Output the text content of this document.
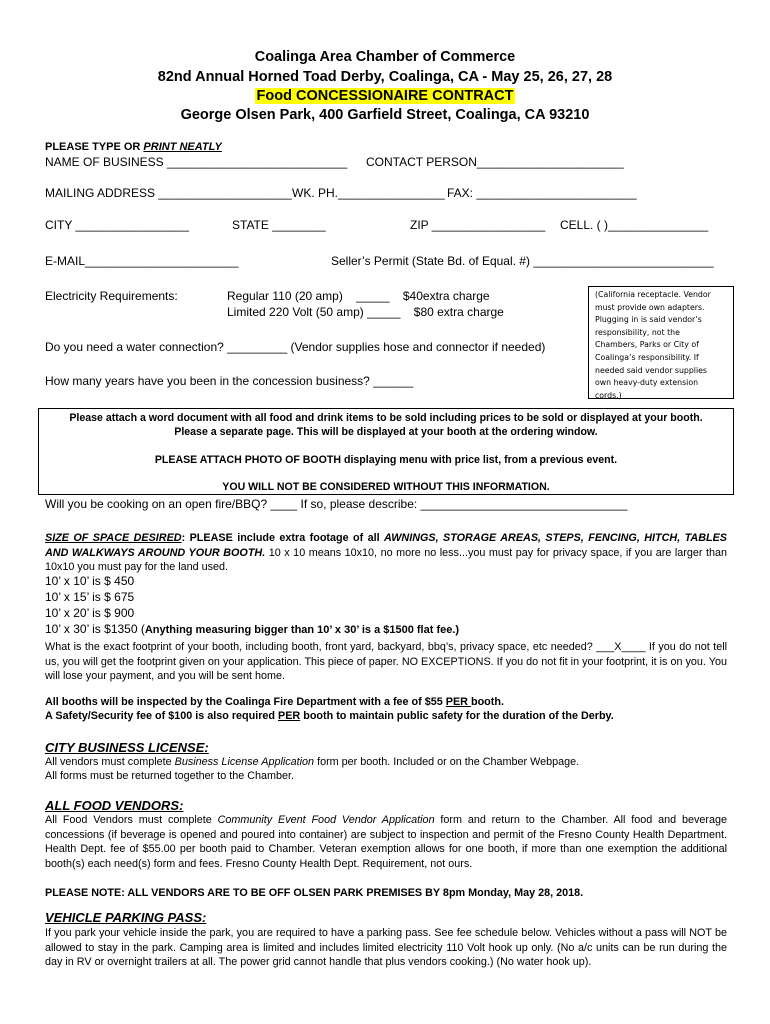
Coalinga Area Chamber of Commerce
82nd Annual Horned Toad Derby, Coalinga, CA - May 25, 26, 27, 28
Food CONCESSIONAIRE CONTRACT
George Olsen Park, 400 Garfield Street, Coalinga, CA 93210
PLEASE TYPE OR PRINT NEATLY
NAME OF BUSINESS ___________________________ CONTACT PERSON______________________
MAILING ADDRESS ____________________ WK. PH.________________ FAX: ________________________
CITY _________________	STATE ________	ZIP _________________ CELL. ( )_______________
E-MAIL_______________________	Seller’s Permit (State Bd. of Equal. #) ___________________________
Electricity Requirements:	Regular 110 (20 amp)    _____    $40extra charge
Limited 220 Volt (50 amp) _____    $80 extra charge
(California receptacle. Vendor
must provide own adapters.
Plugging in is said vendor’s
responsibility, not the
Chambers, Parks or City of
Coalinga’s responsibility. If
needed said vendor supplies
own heavy-duty extension
cords.)
Do you need a water connection? _________ (Vendor supplies hose and connector if needed)
How many years have you been in the concession business? ______
Please attach a word document with all food and drink items to be sold including prices to be sold or displayed at your booth.
Please a separate page. This will be displayed at your booth at the ordering window.
PLEASE ATTACH PHOTO OF BOOTH displaying menu with price list, from a previous event.
YOU WILL NOT BE CONSIDERED WITHOUT THIS INFORMATION.
Will you be cooking on an open fire/BBQ? ____ If so, please describe: _______________________________
SIZE OF SPACE DESIRED: PLEASE include extra footage of all AWNINGS, STORAGE AREAS, STEPS, FENCING, HITCH, TABLES AND WALKWAYS AROUND YOUR BOOTH. 10 x 10 means 10x10, no more no less...you must pay for privacy space, if you are larger than 10x10 you must pay for the land used.
10’ x 10’ is $ 450
10’ x 15’ is $ 675
10’ x 20’ is $ 900
10’ x 30’ is $1350 (Anything measuring bigger than 10’ x 30’ is a $1500 flat fee.)
What is the exact footprint of your booth, including booth, front yard, backyard, bbq’s, privacy space, etc needed? ___X____ If you do not tell us, you will get the footprint given on your application. This piece of paper. NO EXCEPTIONS. If you do not fit in your footprint, it is on you. You will lose your payment, and you will be sent home.
All booths will be inspected by the Coalinga Fire Department with a fee of $55 PER booth.
A Safety/Security fee of $100 is also required PER booth to maintain public safety for the duration of the Derby.
CITY BUSINESS LICENSE:
All vendors must complete Business License Application form per booth. Included or on the Chamber Webpage.
All forms must be returned together to the Chamber.
ALL FOOD VENDORS:
All Food Vendors must complete Community Event Food Vendor Application form and return to the Chamber. All food and beverage concessions (if beverage is opened and poured into container) are subject to inspection and permit of the Fresno County Health Department. Health Dept. fee of $55.00 per booth paid to Chamber. Veteran exemption allows for one booth, if more than one exemption the additional booth(s) each need(s) form and fees. Fresno County Health Dept. Requirement, not ours.
PLEASE NOTE: ALL VENDORS ARE TO BE OFF OLSEN PARK PREMISES BY 8pm Monday, May 28, 2018.
VEHICLE PARKING PASS:
If you park your vehicle inside the park, you are required to have a parking pass. See fee schedule below. Vehicles without a pass will NOT be allowed to stay in the park. Camping area is limited and includes limited electricity 110 Volt hook up only. (No a/c units can be run during the day in RV or overnight trailers at all. The power grid cannot handle that plus vendors cooking.) (No water hook up).
